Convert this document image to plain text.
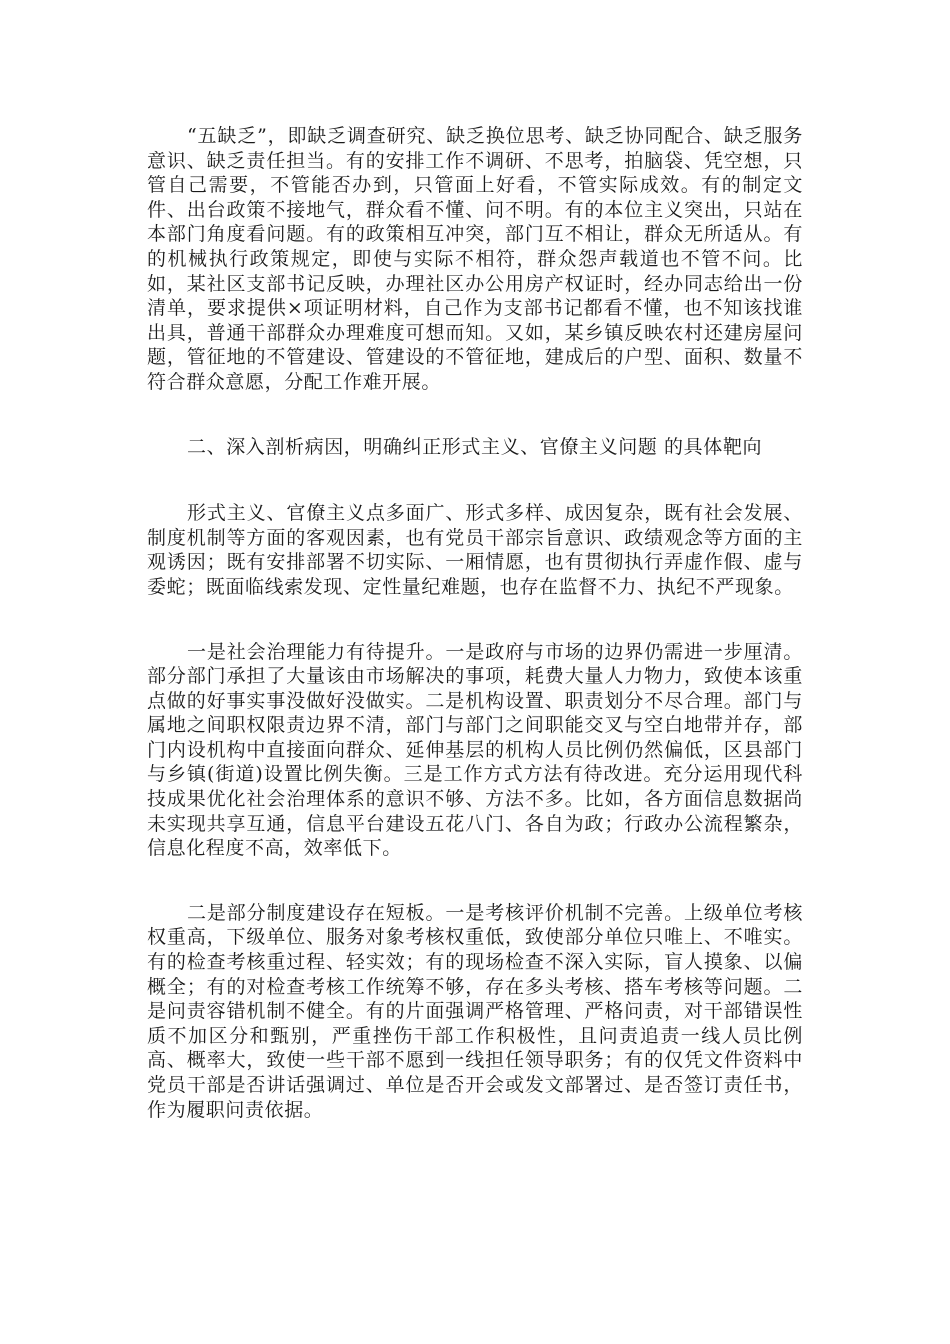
“五缺乏”，即缺乏调查研究、缺乏换位思考、缺乏协同配合、缺乏服务意识、缺乏责任担当。有的安排工作不调研、不思考，拍脑袋、凭空想，只管自己需要，不管能否办到，只管面上好看，不管实际成效。有的制定文件、出台政策不接地气，群众看不懂、问不明。有的本位主义突出，只站在本部门角度看问题。有的政策相互冲突，部门互不相让，群众无所适从。有的机械执行政策规定，即使与实际不相符，群众怨声载道也不管不问。比如，某社区支部书记反映，办理社区办公用房产权证时，经办同志给出一份清单，要求提供×项证明材料，自己作为支部书记都看不懂，也不知该找谁出具，普通干部群众办理难度可想而知。又如，某乡镇反映农村还建房屋问题，管征地的不管建设、管建设的不管征地，建成后的户型、面积、数量不符合群众意愿，分配工作难开展。

二、深入剖析病因，明确纠正形式主义、官僚主义问题 的具体靶向

形式主义、官僚主义点多面广、形式多样、成因复杂，既有社会发展、制度机制等方面的客观因素，也有党员干部宗旨意识、政绩观念等方面的主观诱因；既有安排部署不切实际、一厢情愿，也有贯彻执行弄虚作假、虚与委蛇；既面临线索发现、定性量纪难题，也存在监督不力、执纪不严现象。

一是社会治理能力有待提升。一是政府与市场的边界仍需进一步厘清。部分部门承担了大量该由市场解决的事项，耗费大量人力物力，致使本该重点做的好事实事没做好没做实。二是机构设置、职责划分不尽合理。部门与属地之间职权限责边界不清，部门与部门之间职能交叉与空白地带并存，部门内设机构中直接面向群众、延伸基层的机构人员比例仍然偏低，区县部门与乡镇(街道)设置比例失衡。三是工作方式方法有待改进。充分运用现代科技成果优化社会治理体系的意识不够、方法不多。比如，各方面信息数据尚未实现共享互通，信息平台建设五花八门、各自为政；行政办公流程繁杂，信息化程度不高，效率低下。

二是部分制度建设存在短板。一是考核评价机制不完善。上级单位考核权重高，下级单位、服务对象考核权重低，致使部分单位只唯上、不唯实。有的检查考核重过程、轻实效；有的现场检查不深入实际，盲人摸象、以偏概全；有的对检查考核工作统筹不够，存在多头考核、搭车考核等问题。二是问责容错机制不健全。有的片面强调严格管理、严格问责，对干部错误性质不加区分和甄别，严重挫伤干部工作积极性，且问责追责一线人员比例高、概率大，致使一些干部不愿到一线担任领导职务；有的仅凭文件资料中党员干部是否讲话强调过、单位是否开会或发文部署过、是否签订责任书，作为履职问责依据。
